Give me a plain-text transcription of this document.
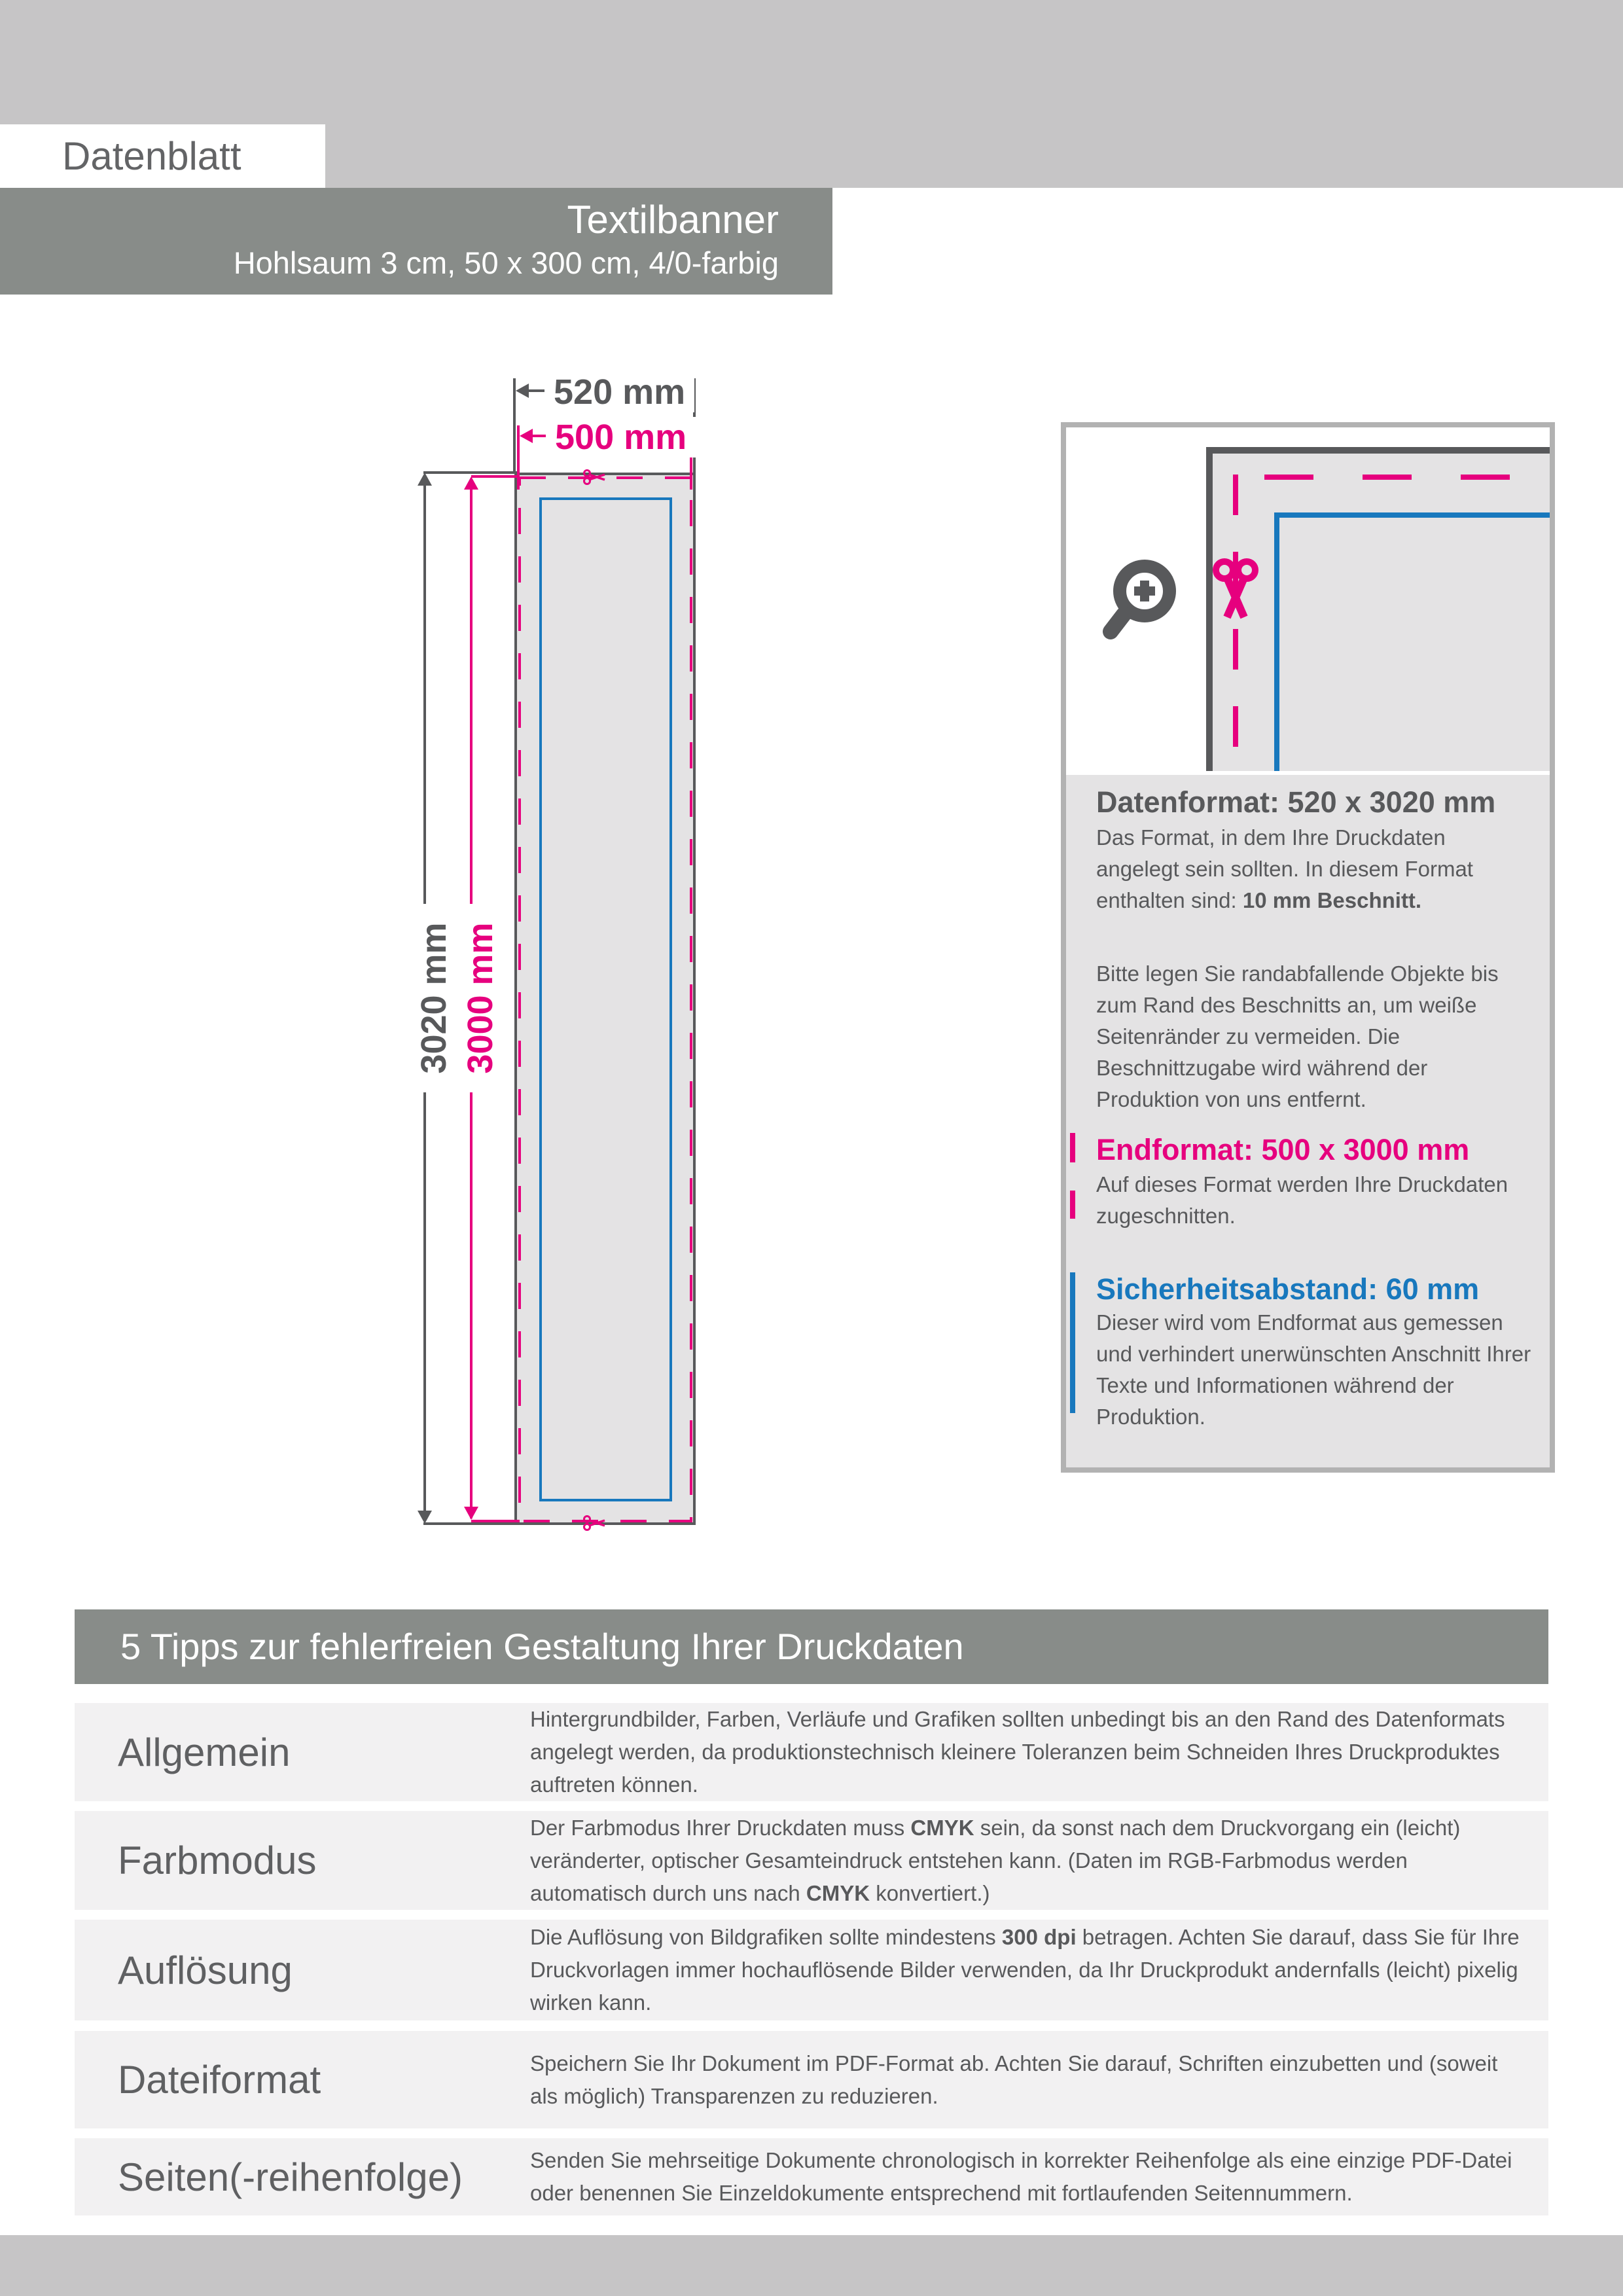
Datenblatt
Textilbanner
Hohlsaum 3 cm, 50 x 300 cm, 4/0-farbig
520 mm
500 mm
3020 mm 3000 mm
Datenformat: 520 x 3020 mm

Das Format, in dem Ihre Druckdaten angelegt sein sollten. In diesem Format enthalten sind: 10 mm Beschnitt.

Bitte legen Sie randabfallende Objekte bis zum Rand des Beschnitts an, um weiße Seitenränder zu vermeiden. Die Beschnittzugabe wird während der Produktion von uns entfernt.

Endformat: 500 x 3000 mm

Auf dieses Format werden Ihre Druckdaten zugeschnitten.

Sicherheitsabstand: 60 mm

Dieser wird vom Endformat aus gemessen und verhindert unerwünschten Anschnitt Ihrer Texte und Informationen während der Produktion.

5 Tipps zur fehlerfreien Gestaltung Ihrer Druckdaten
Allgemein
Hintergrundbilder, Farben, Verläufe und Grafiken sollten unbedingt bis an den Rand des Datenformats angelegt werden, da produktionstechnisch kleinere Toleranzen beim Schneiden Ihres Druckproduktes auftreten können.
Farbmodus
Der Farbmodus Ihrer Druckdaten muss CMYK sein, da sonst nach dem Druckvorgang ein (leicht) veränderter, optischer Gesamteindruck entstehen kann. (Daten im RGB-Farbmodus werden automatisch durch uns nach CMYK konvertiert.)
Auflösung
Die Auflösung von Bildgrafiken sollte mindestens 300 dpi betragen. Achten Sie darauf, dass Sie für Ihre Druckvorlagen immer hochauflösende Bilder verwenden, da Ihr Druckprodukt andernfalls (leicht) pixelig wirken kann.
Dateiformat	Speichern Sie Ihr Dokument im PDF-Format ab. Achten Sie darauf, Schriften einzubetten und (soweit als möglich) Transparenzen zu reduzieren.
Seiten(-reihenfolge)	Senden Sie mehrseitige Dokumente chronologisch in korrekter Reihenfolge als eine einzige PDF-Datei oder benennen Sie Einzeldokumente entsprechend mit fortlaufenden Seitennummern.
